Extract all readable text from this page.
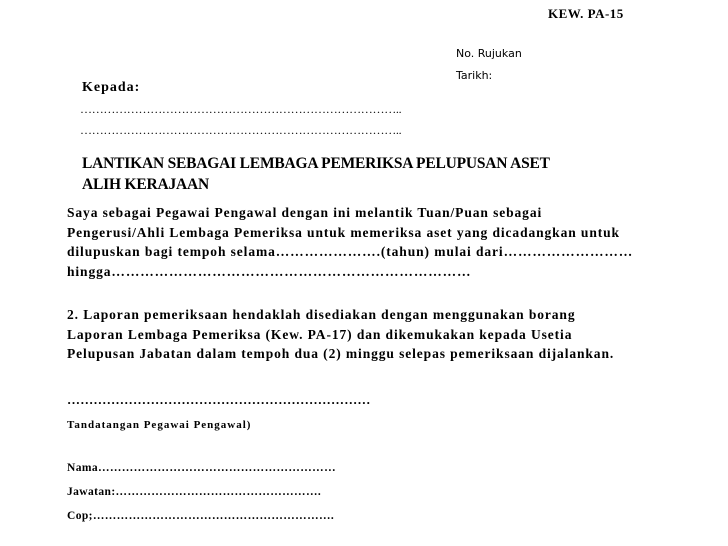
KEW. PA-15
No. Rujukan
Tarikh:
Kepada:
………………………………………………………………………..
………………………………………………………………………..
LANTIKAN SEBAGAI LEMBAGA PEMERIKSA PELUPUSAN ASET
ALIH KERAJAAN

Saya sebagai Pegawai Pengawal dengan ini melantik Tuan/Puan sebagai

Pengerusi/Ahli Lembaga Pemeriksa untuk memeriksa aset yang dicadangkan untuk

dilupuskan bagi tempoh selama………………….(tahun) mulai dari………………………

hingga…………………………………………………………………

2. Laporan pemeriksaan hendaklah disediakan dengan menggunakan borang

Laporan Lembaga Pemeriksa (Kew. PA-17) dan dikemukakan kepada Usetia

Pelupusan Jabatan dalam tempoh dua (2) minggu selepas pemeriksaan dijalankan.

……………………………………………………………
Tandatangan Pegawai Pengawal)
Nama……………………………………………………
Jawatan:…………………………………………….
Cop;…………………………………………………….
